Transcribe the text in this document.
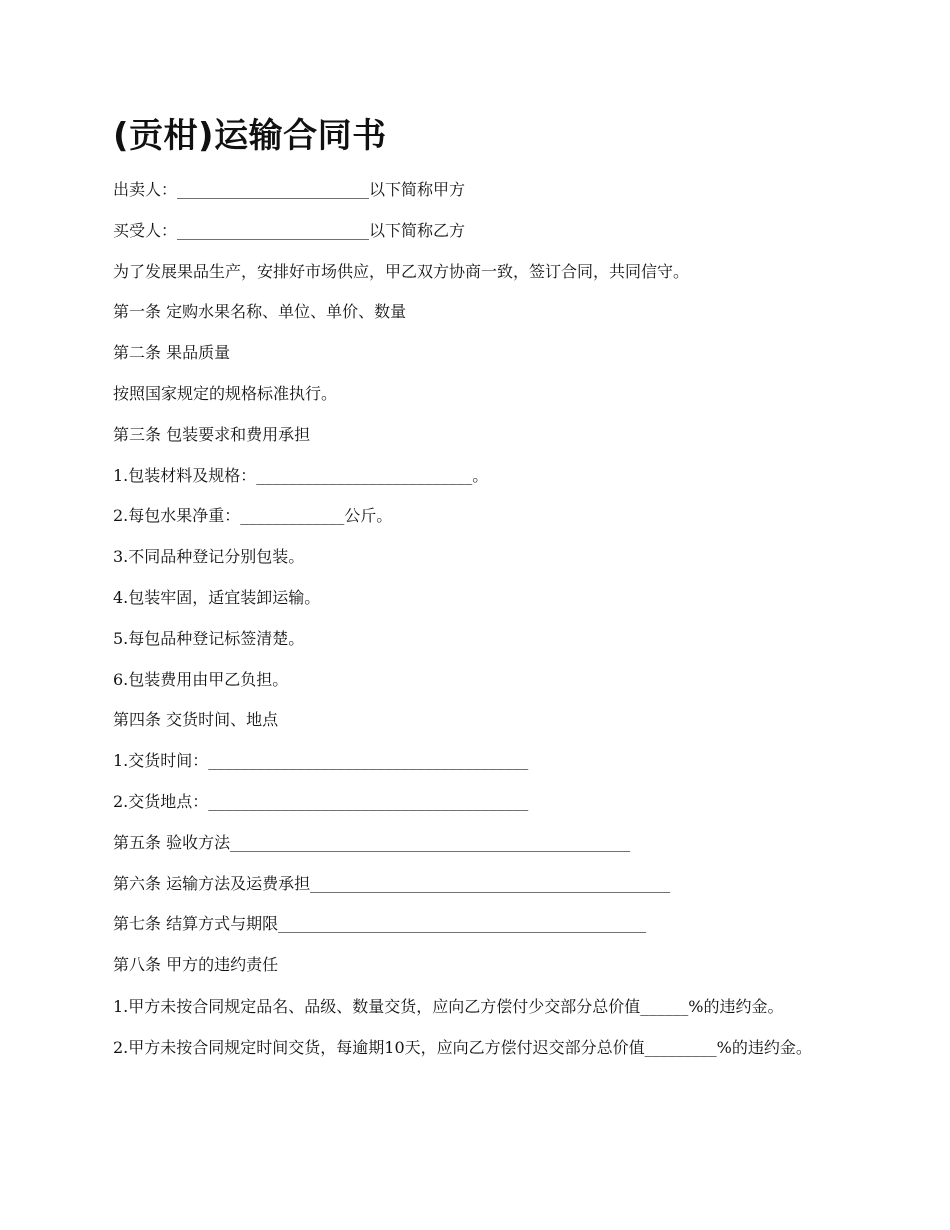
(贡柑)运输合同书

出卖人：________________________以下简称甲方

买受人：________________________以下简称乙方

为了发展果品生产，安排好市场供应，甲乙双方协商一致，签订合同，共同信守。

第一条 定购水果名称、单位、单价、数量

第二条 果品质量

按照国家规定的规格标准执行。

第三条 包装要求和费用承担

1.包装材料及规格：___________________________。

2.每包水果净重：_____________公斤。

3.不同品种登记分别包装。

4.包装牢固，适宜装卸运输。

5.每包品种登记标签清楚。

6.包装费用由甲乙负担。

第四条 交货时间、地点

1.交货时间：________________________________________

2.交货地点：________________________________________

第五条 验收方法__________________________________________________

第六条 运输方法及运费承担_____________________________________________

第七条 结算方式与期限______________________________________________

第八条 甲方的违约责任

1.甲方未按合同规定品名、品级、数量交货，应向乙方偿付少交部分总价值______%的违约金。

2.甲方未按合同规定时间交货，每逾期10天，应向乙方偿付迟交部分总价值_________%的违约金。
